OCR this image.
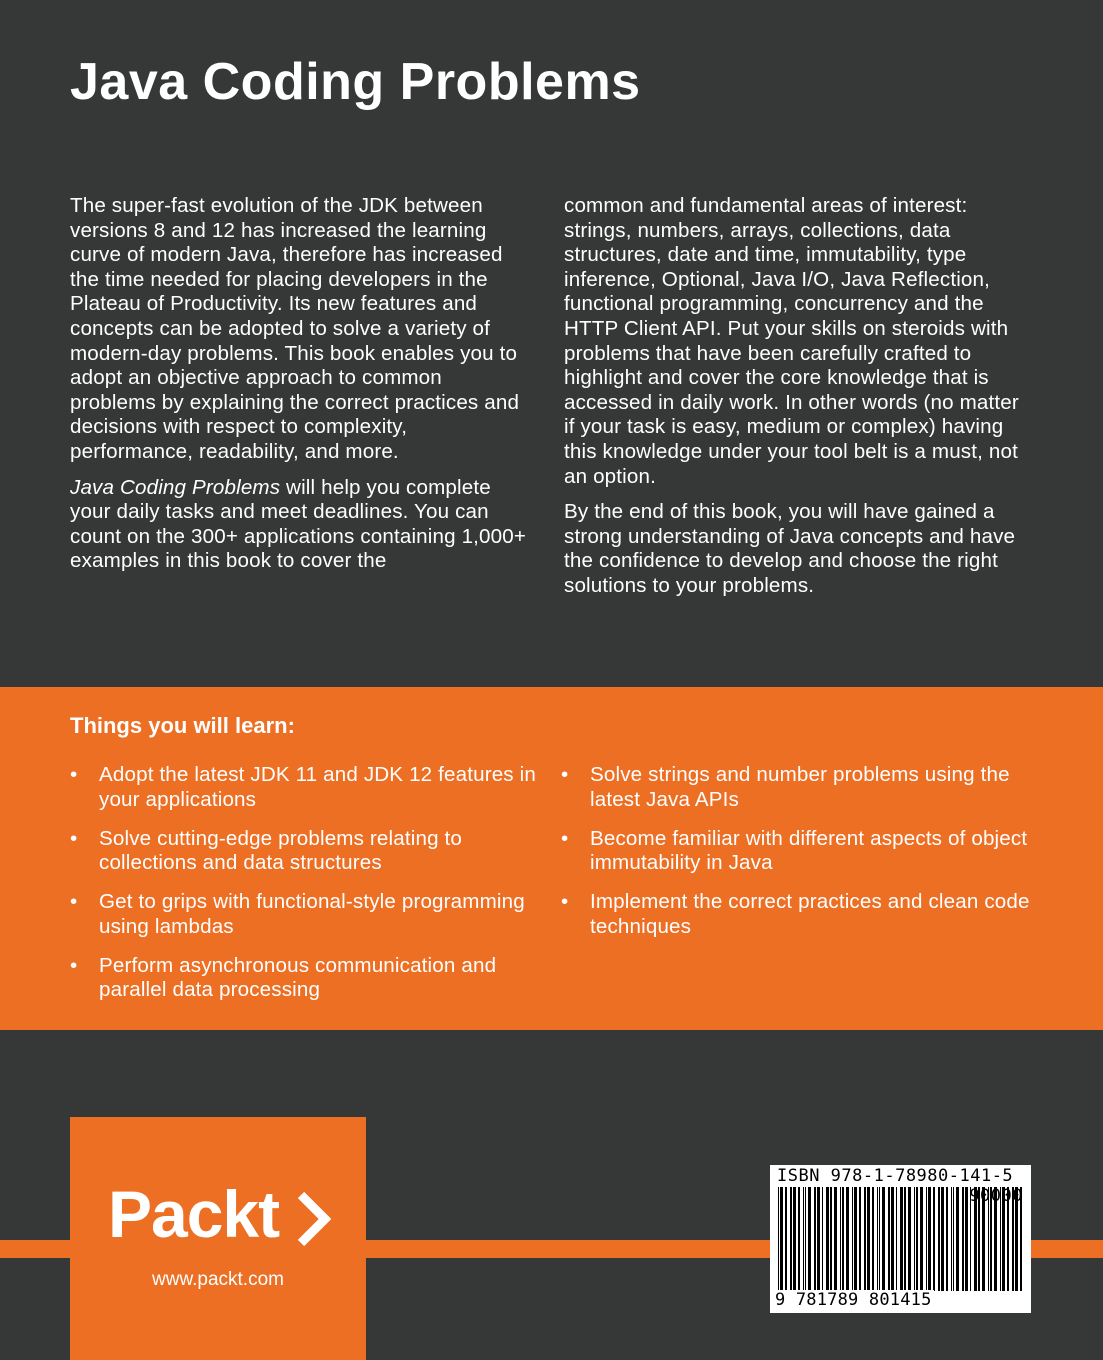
Java Coding Problems

The super-fast evolution of the JDK between versions 8 and 12 has increased the learning curve of modern Java, therefore has increased the time needed for placing developers in the Plateau of Productivity. Its new features and concepts can be adopted to solve a variety of modern-day problems. This book enables you to adopt an objective approach to common problems by explaining the correct practices and decisions with respect to complexity, performance, readability, and more.

Java Coding Problems will help you complete your daily tasks and meet deadlines. You can count on the 300+ applications containing 1,000+ examples in this book to cover the

common and fundamental areas of interest: strings, numbers, arrays, collections, data structures, date and time, immutability, type inference, Optional, Java I/O, Java Reflection, functional programming, concurrency and the HTTP Client API. Put your skills on steroids with problems that have been carefully crafted to highlight and cover the core knowledge that is accessed in daily work. In other words (no matter if your task is easy, medium or complex) having this knowledge under your tool belt is a must, not an option.

By the end of this book, you will have gained a strong understanding of Java concepts and have the confidence to develop and choose the right solutions to your problems.

Things you will learn:
• Adopt the latest JDK 11 and JDK 12 features in your applications
• Solve cutting-edge problems relating to collections and data structures
• Get to grips with functional-style programming using lambdas
• Perform asynchronous communication and parallel data processing
• Solve strings and number problems using the latest Java APIs
• Become familiar with different aspects of object immutability in Java
• Implement the correct practices and clean code techniques
Packt
www.packt.com
ISBN 978-1-78980-141-5
90000
9 781789 801415
